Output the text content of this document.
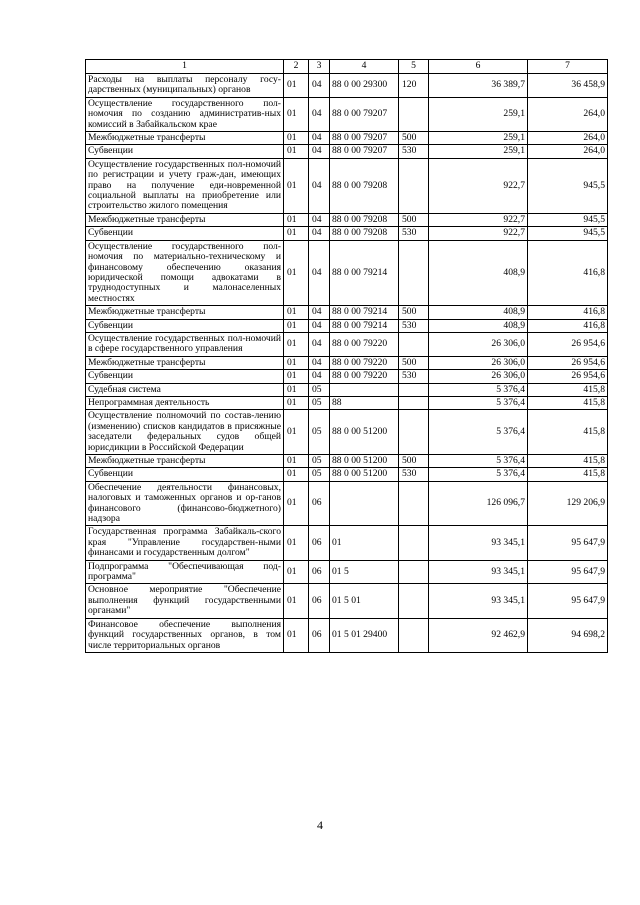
1	2	3	4	5	6	7
Расходы на выплаты персоналу госу-дарственных (муниципальных) органов	01	04	88 0 00 29300	120	36 389,7	36 458,9
Осуществление государственного пол-номочия по созданию административ-ных комиссий в Забайкальском крае	01	04	88 0 00 79207		259,1	264,0
Межбюджетные трансферты	01	04	88 0 00 79207	500	259,1	264,0
Субвенции	01	04	88 0 00 79207	530	259,1	264,0
Осуществление государственных пол-номочий по регистрации и учету граж-дан, имеющих право на получение еди-новременной социальной выплаты на приобретение или строительство жилого помещения	01	04	88 0 00 79208		922,7	945,5
Межбюджетные трансферты	01	04	88 0 00 79208	500	922,7	945,5
Субвенции	01	04	88 0 00 79208	530	922,7	945,5
Осуществление государственного пол-номочия по материально-техническому и финансовому обеспечению оказания юридической помощи адвокатами в труднодоступных и малонаселенных местностях	01	04	88 0 00 79214		408,9	416,8
Межбюджетные трансферты	01	04	88 0 00 79214	500	408,9	416,8
Субвенции	01	04	88 0 00 79214	530	408,9	416,8
Осуществление государственных пол-номочий в сфере государственного управления	01	04	88 0 00 79220		26 306,0	26 954,6
Межбюджетные трансферты	01	04	88 0 00 79220	500	26 306,0	26 954,6
Субвенции	01	04	88 0 00 79220	530	26 306,0	26 954,6
Судебная система	01	05			5 376,4	415,8
Непрограммная деятельность	01	05	88		5 376,4	415,8
Осуществление полномочий по состав-лению (изменению) списков кандидатов в присяжные заседатели федеральных судов общей юрисдикции в Российской Федерации	01	05	88 0 00 51200		5 376,4	415,8
Межбюджетные трансферты	01	05	88 0 00 51200	500	5 376,4	415,8
Субвенции	01	05	88 0 00 51200	530	5 376,4	415,8
Обеспечение деятельности финансовых, налоговых и таможенных органов и ор-ганов финансового (финансово-бюджетного) надзора	01	06			126 096,7	129 206,9
Государственная программа Забайкаль-ского края "Управление государствен-ными финансами и государственным долгом"	01	06	01		93 345,1	95 647,9
Подпрограмма "Обеспечивающая под-программа"	01	06	01 5		93 345,1	95 647,9
Основное мероприятие "Обеспечение выполнения функций государственными органами"	01	06	01 5 01		93 345,1	95 647,9
Финансовое обеспечение выполнения функций государственных органов, в том числе территориальных органов	01	06	01 5 01 29400		92 462,9	94 698,2
4
